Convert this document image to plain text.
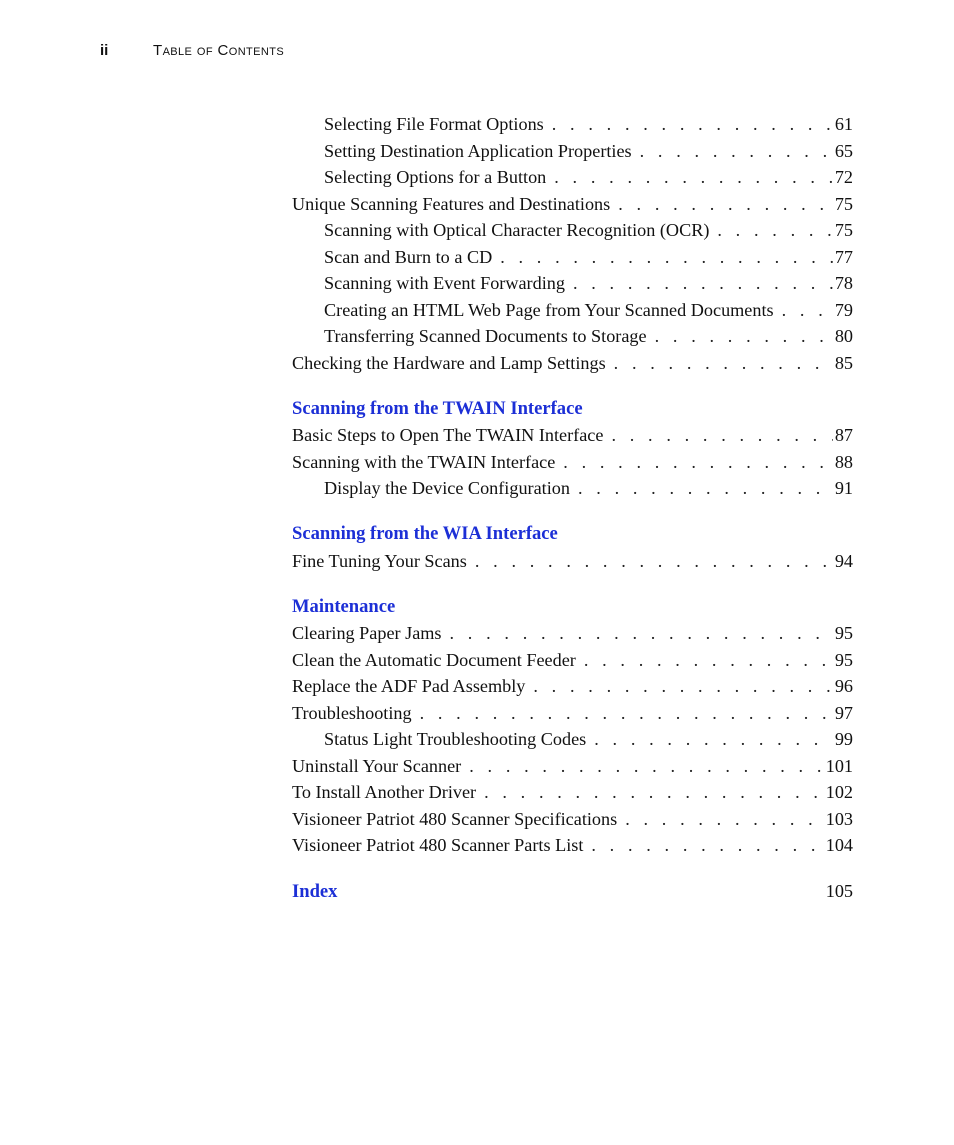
ii	Table of Contents
Selecting File Format Options . . .	61
Setting Destination Application Properties . . .	65
Selecting Options for a Button . . .	72
Unique Scanning Features and Destinations . . .	75
Scanning with Optical Character Recognition (OCR) . . .	75
Scan and Burn to a CD . . .	77
Scanning with Event Forwarding . . .	78
Creating an HTML Web Page from Your Scanned Documents . . .	79
Transferring Scanned Documents to Storage . . .	80
Checking the Hardware and Lamp Settings . . .	85
Scanning from the TWAIN Interface
Basic Steps to Open The TWAIN Interface . . .	87
Scanning with the TWAIN Interface . . .	88
Display the Device Configuration . . .	91
Scanning from the WIA Interface
Fine Tuning Your Scans . . .	94
Maintenance
Clearing Paper Jams . . .	95
Clean the Automatic Document Feeder . . .	95
Replace the ADF Pad Assembly . . .	96
Troubleshooting . . .	97
Status Light Troubleshooting Codes . . .	99
Uninstall Your Scanner . . .	101
To Install Another Driver . . .	102
Visioneer Patriot 480 Scanner Specifications . . .	103
Visioneer Patriot 480 Scanner Parts List . . .	104
Index	105
